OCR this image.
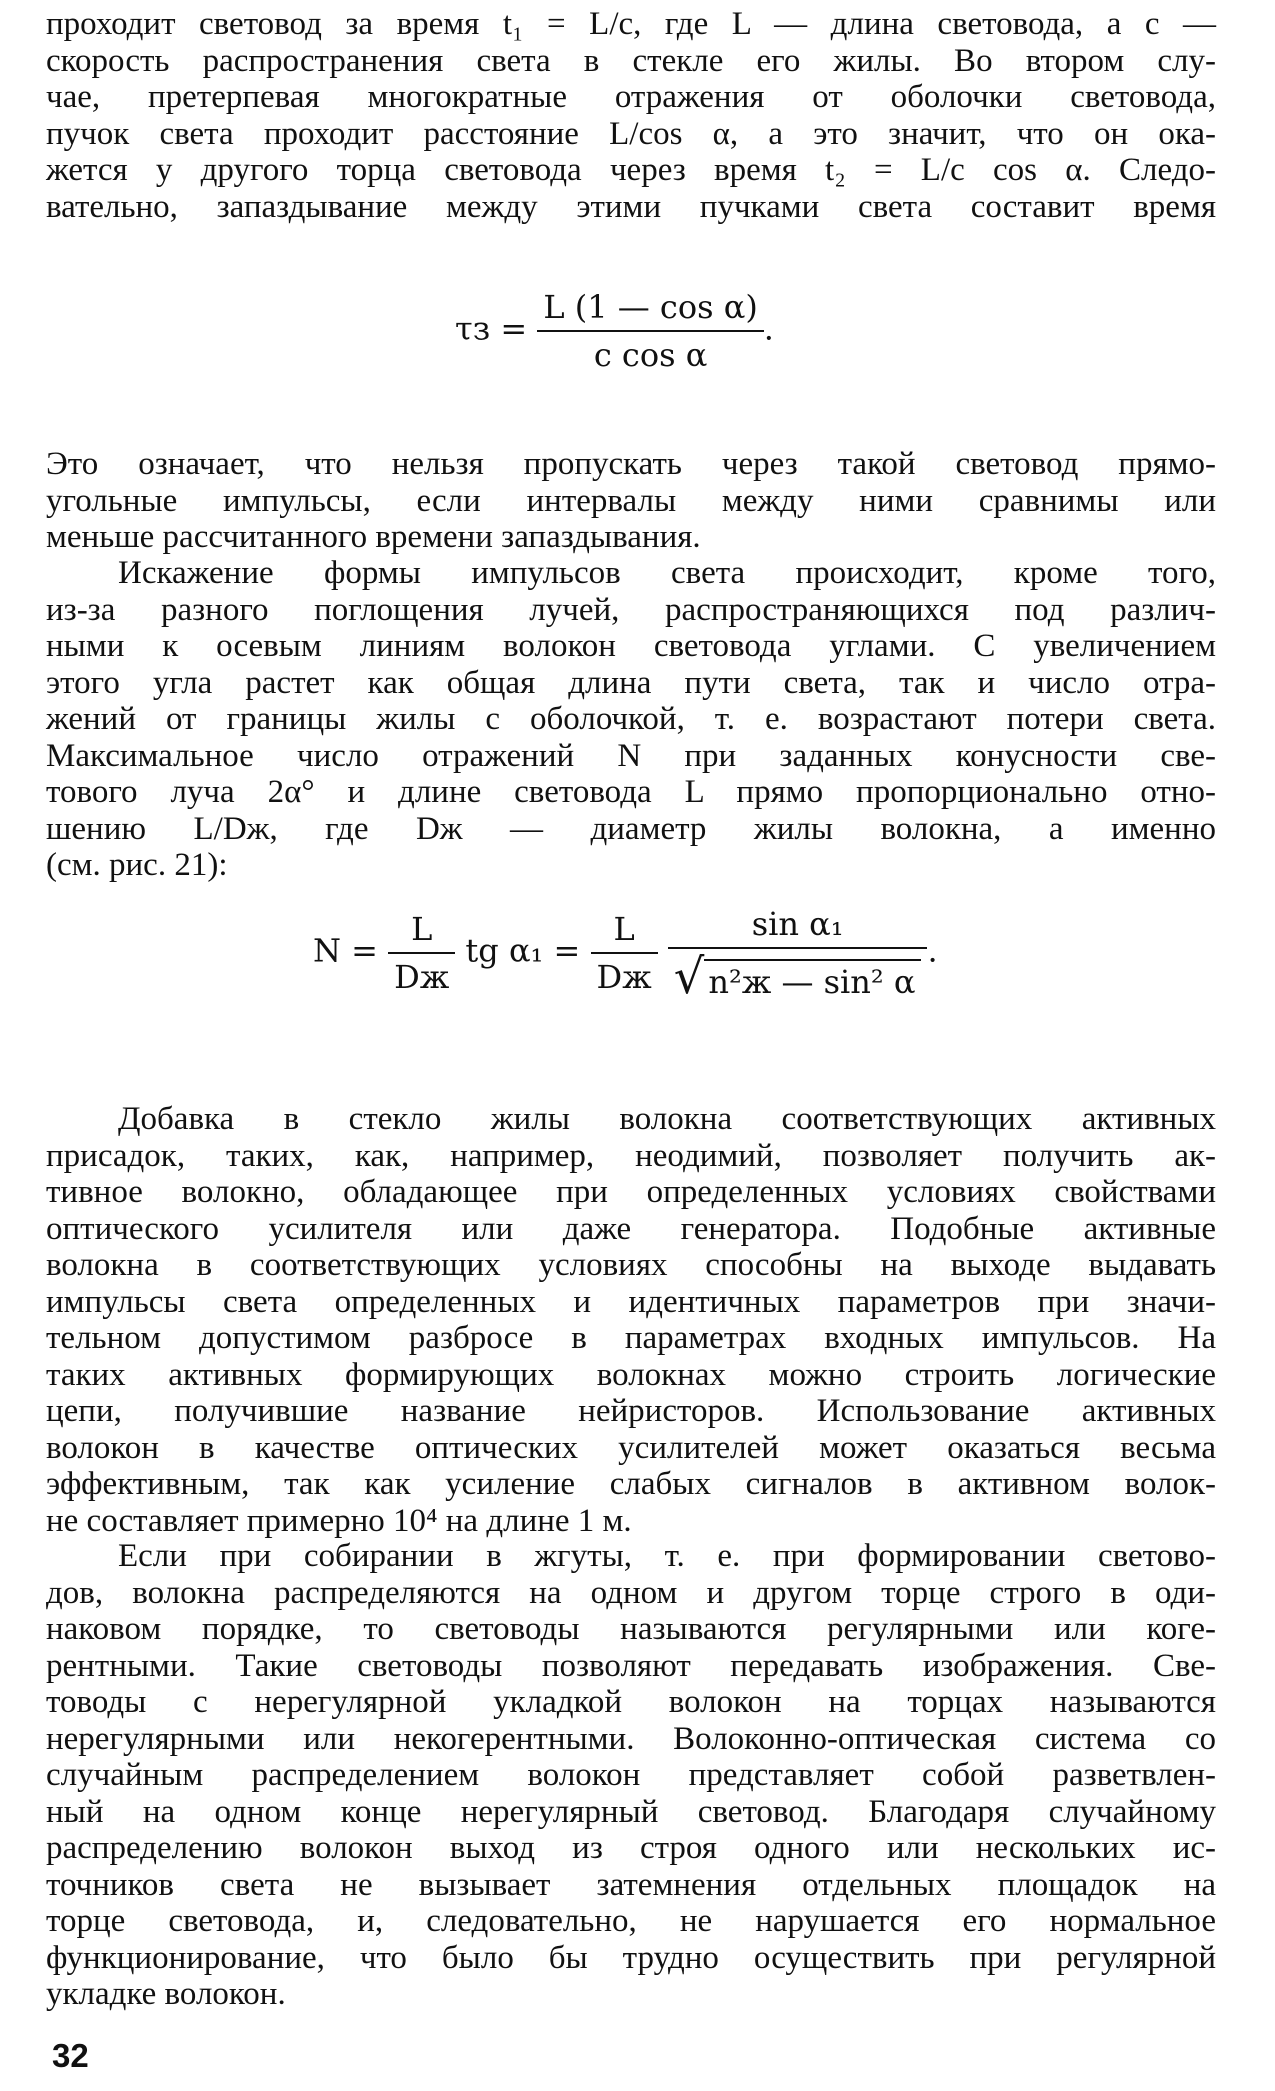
проходит световод за время t₁ = L/c, где L — длина световода, а c —
скорость распространения света в стекле его жилы. Во втором слу-
чае, претерпевая многократные отражения от оболочки световода,
пучок света проходит расстояние L/cos α, а это значит, что он ока-
жется у другого торца световода через время t₂ = L/c cos α. Следо-
вательно, запаздывание между этими пучками света составит время
$\tau з = \frac{\text{L (1 — cos α)}}{\text{c cos α}}$ .
Это означает, что нельзя пропускать через такой световод прямо-
угольные импульсы, если интервалы между ними сравнимы или
меньше рассчитанного времени запаздывания.
Искажение формы импульсов света происходит, кроме того,
из-за разного поглощения лучей, распространяющихся под различ-
ными к осевым линиям волокон световода углами. С увеличением
этого угла растет как общая длина пути света, так и число отра-
жений от границы жилы с оболочкой, т. е. возрастают потери света.
Максимальное число отражений N при заданных конусности све-
тового луча 2α° и длине световода L прямо пропорционально отно-
шению L/Dж, где Dж — диаметр жилы волокна, а именно
(см. рис. 21):
$N = \frac{L}{Dж}$ tg $\alpha_1 = \frac{L}{Dж}$
$\frac{\text{sin α₁}}{\text{√ n²ж — sin² α}}$ .
Добавка в стекло жилы волокна соответствующих активных
присадок, таких, как, например, неодимий, позволяет получить ак-
тивное волокно, обладающее при определенных условиях свойствами
оптического усилителя или даже генератора. Подобные активные
волокна в соответствующих условиях способны на выходе выдавать
импульсы света определенных и идентичных параметров при значи-
тельном допустимом разбросе в параметрах входных импульсов. На
таких активных формирующих волокнах можно строить логические
цепи, получившие название нейристоров. Использование активных
волокон в качестве оптических усилителей может оказаться весьма
эффективным, так как усиление слабых сигналов в активном волок-
не составляет примерно 10⁴ на длине 1 м.
Если при собирании в жгуты, т. е. при формировании светово-
дов, волокна распределяются на одном и другом торце строго в оди-
наковом порядке, то световоды называются регулярными или коге-
рентными. Такие световоды позволяют передавать изображения. Све-
товоды с нерегулярной укладкой волокон на торцах называются
нерегулярными или некогерентными. Волоконно-оптическая система со
случайным распределением волокон представляет собой разветвлен-
ный на одном конце нерегулярный световод. Благодаря случайному
распределению волокон выход из строя одного или нескольких ис-
точников света не вызывает затемнения отдельных площадок на
торце световода, и, следовательно, не нарушается его нормальное
функционирование, что было бы трудно осуществить при регулярной
укладке волокон.
32
